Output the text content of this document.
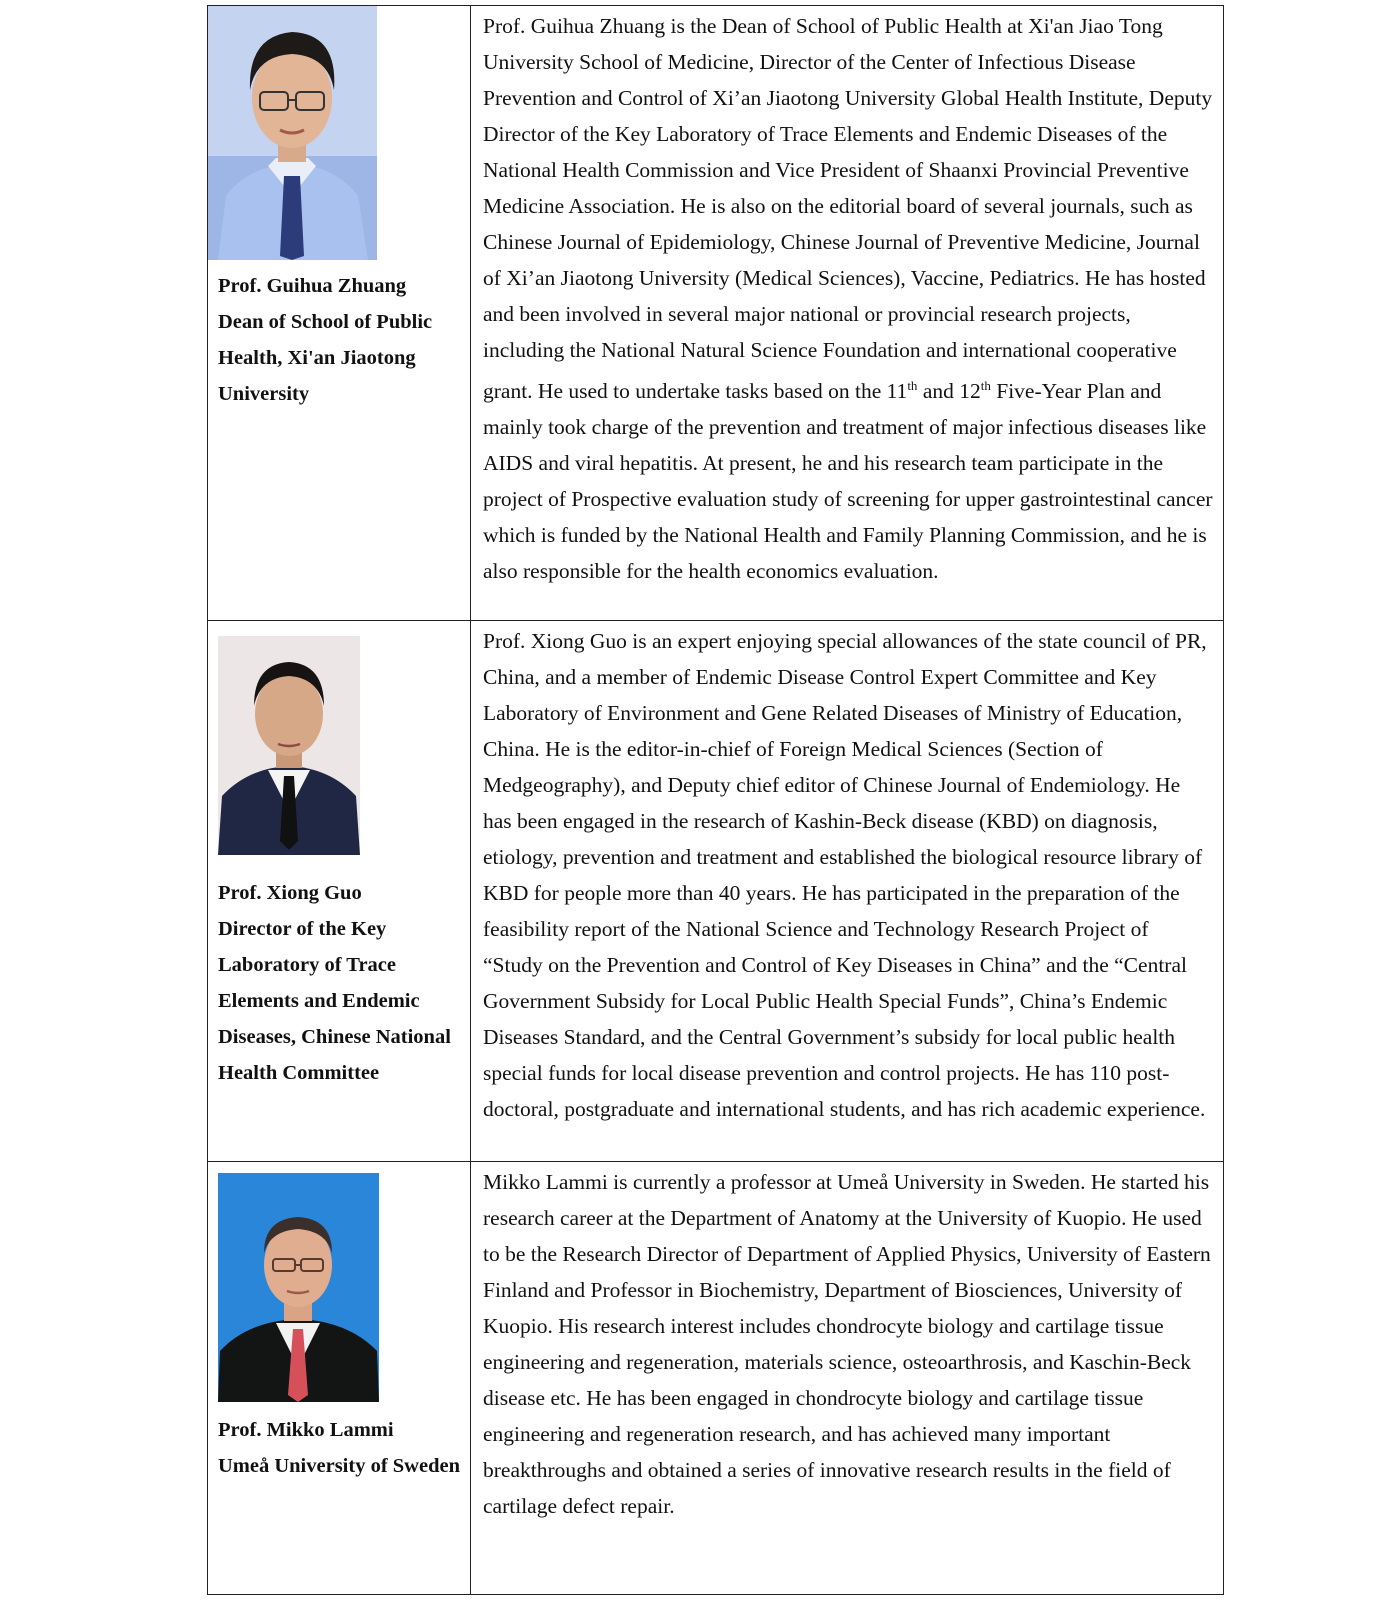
Prof. Guihua Zhuang
Dean of School of Public Health, Xi'an Jiaotong University	Prof. Guihua Zhuang is the Dean of School of Public Health at Xi'an Jiao Tong University School of Medicine, Director of the Center of Infectious Disease Prevention and Control of Xi’an Jiaotong University Global Health Institute, Deputy Director of the Key Laboratory of Trace Elements and Endemic Diseases of the National Health Commission and Vice President of Shaanxi Provincial Preventive Medicine Association. He is also on the editorial board of several journals, such as Chinese Journal of Epidemiology, Chinese Journal of Preventive Medicine, Journal of Xi’an Jiaotong University (Medical Sciences), Vaccine, Pediatrics. He has hosted and been involved in several major national or provincial research projects, including the National Natural Science Foundation and international cooperative grant. He used to undertake tasks based on the 11th and 12th Five-Year Plan and mainly took charge of the prevention and treatment of major infectious diseases like AIDS and viral hepatitis. At present, he and his research team participate in the project of Prospective evaluation study of screening for upper gastrointestinal cancer which is funded by the National Health and Family Planning Commission, and he is also responsible for the health economics evaluation.

Prof. Xiong Guo
Director of the Key Laboratory of Trace Elements and Endemic Diseases, Chinese National Health Committee	Prof. Xiong Guo is an expert enjoying special allowances of the state council of PR, China, and a member of Endemic Disease Control Expert Committee and Key Laboratory of Environment and Gene Related Diseases of Ministry of Education, China. He is the editor-in-chief of Foreign Medical Sciences (Section of Medgeography), and Deputy chief editor of Chinese Journal of Endemiology. He has been engaged in the research of Kashin-Beck disease (KBD) on diagnosis, etiology, prevention and treatment and established the biological resource library of KBD for people more than 40 years. He has participated in the preparation of the feasibility report of the National Science and Technology Research Project of “Study on the Prevention and Control of Key Diseases in China” and the “Central Government Subsidy for Local Public Health Special Funds”, China’s Endemic Diseases Standard, and the Central Government’s subsidy for local public health special funds for local disease prevention and control projects. He has 110 post-doctoral, postgraduate and international students, and has rich academic experience.

Prof. Mikko Lammi
Umeå University of Sweden	Mikko Lammi is currently a professor at Umeå University in Sweden. He started his research career at the Department of Anatomy at the University of Kuopio. He used to be the Research Director of Department of Applied Physics, University of Eastern Finland and Professor in Biochemistry, Department of Biosciences, University of Kuopio. His research interest includes chondrocyte biology and cartilage tissue engineering and regeneration, materials science, osteoarthrosis, and Kaschin-Beck disease etc. He has been engaged in chondrocyte biology and cartilage tissue engineering and regeneration research, and has achieved many important breakthroughs and obtained a series of innovative research results in the field of cartilage defect repair.
